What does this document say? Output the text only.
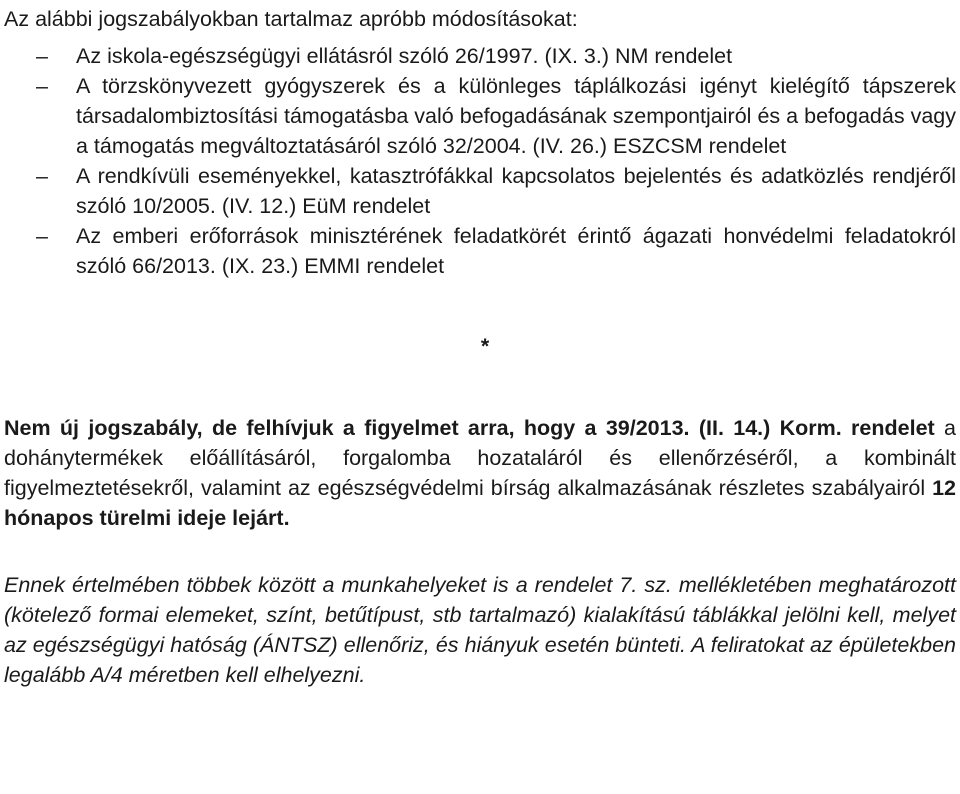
Az alábbi jogszabályokban tartalmaz apróbb módosításokat:

– Az iskola-egészségügyi ellátásról szóló 26/1997. (IX. 3.) NM rendelet
– A törzskönyvezett gyógyszerek és a különleges táplálkozási igényt kielégítő tápszerek társadalombiztosítási támogatásba való befogadásának szempontjairól és a befogadás vagy a támogatás megváltoztatásáról szóló 32/2004. (IV. 26.) ESZCSM rendelet
– A rendkívüli eseményekkel, katasztrófákkal kapcsolatos bejelentés és adatközlés rendjéről szóló 10/2005. (IV. 12.) EüM rendelet
– Az emberi erőforrások minisztérének feladatkörét érintő ágazati honvédelmi feladatokról szóló 66/2013. (IX. 23.) EMMI rendelet
*

Nem új jogszabály, de felhívjuk a figyelmet arra, hogy a 39/2013. (II. 14.) Korm. rendelet a dohánytermékek előállításáról, forgalomba hozataláról és ellenőrzéséről, a kombinált figyelmeztetésekről, valamint az egészségvédelmi bírság alkalmazásának részletes szabályairól 12 hónapos türelmi ideje lejárt.

Ennek értelmében többek között a munkahelyeket is a rendelet 7. sz. mellékletében meghatározott (kötelező formai elemeket, színt, betűtípust, stb tartalmazó) kialakítású táblákkal jelölni kell, melyet az egészségügyi hatóság (ÁNTSZ) ellenőriz, és hiányuk esetén bünteti. A feliratokat az épületekben legalább A/4 méretben kell elhelyezni.
